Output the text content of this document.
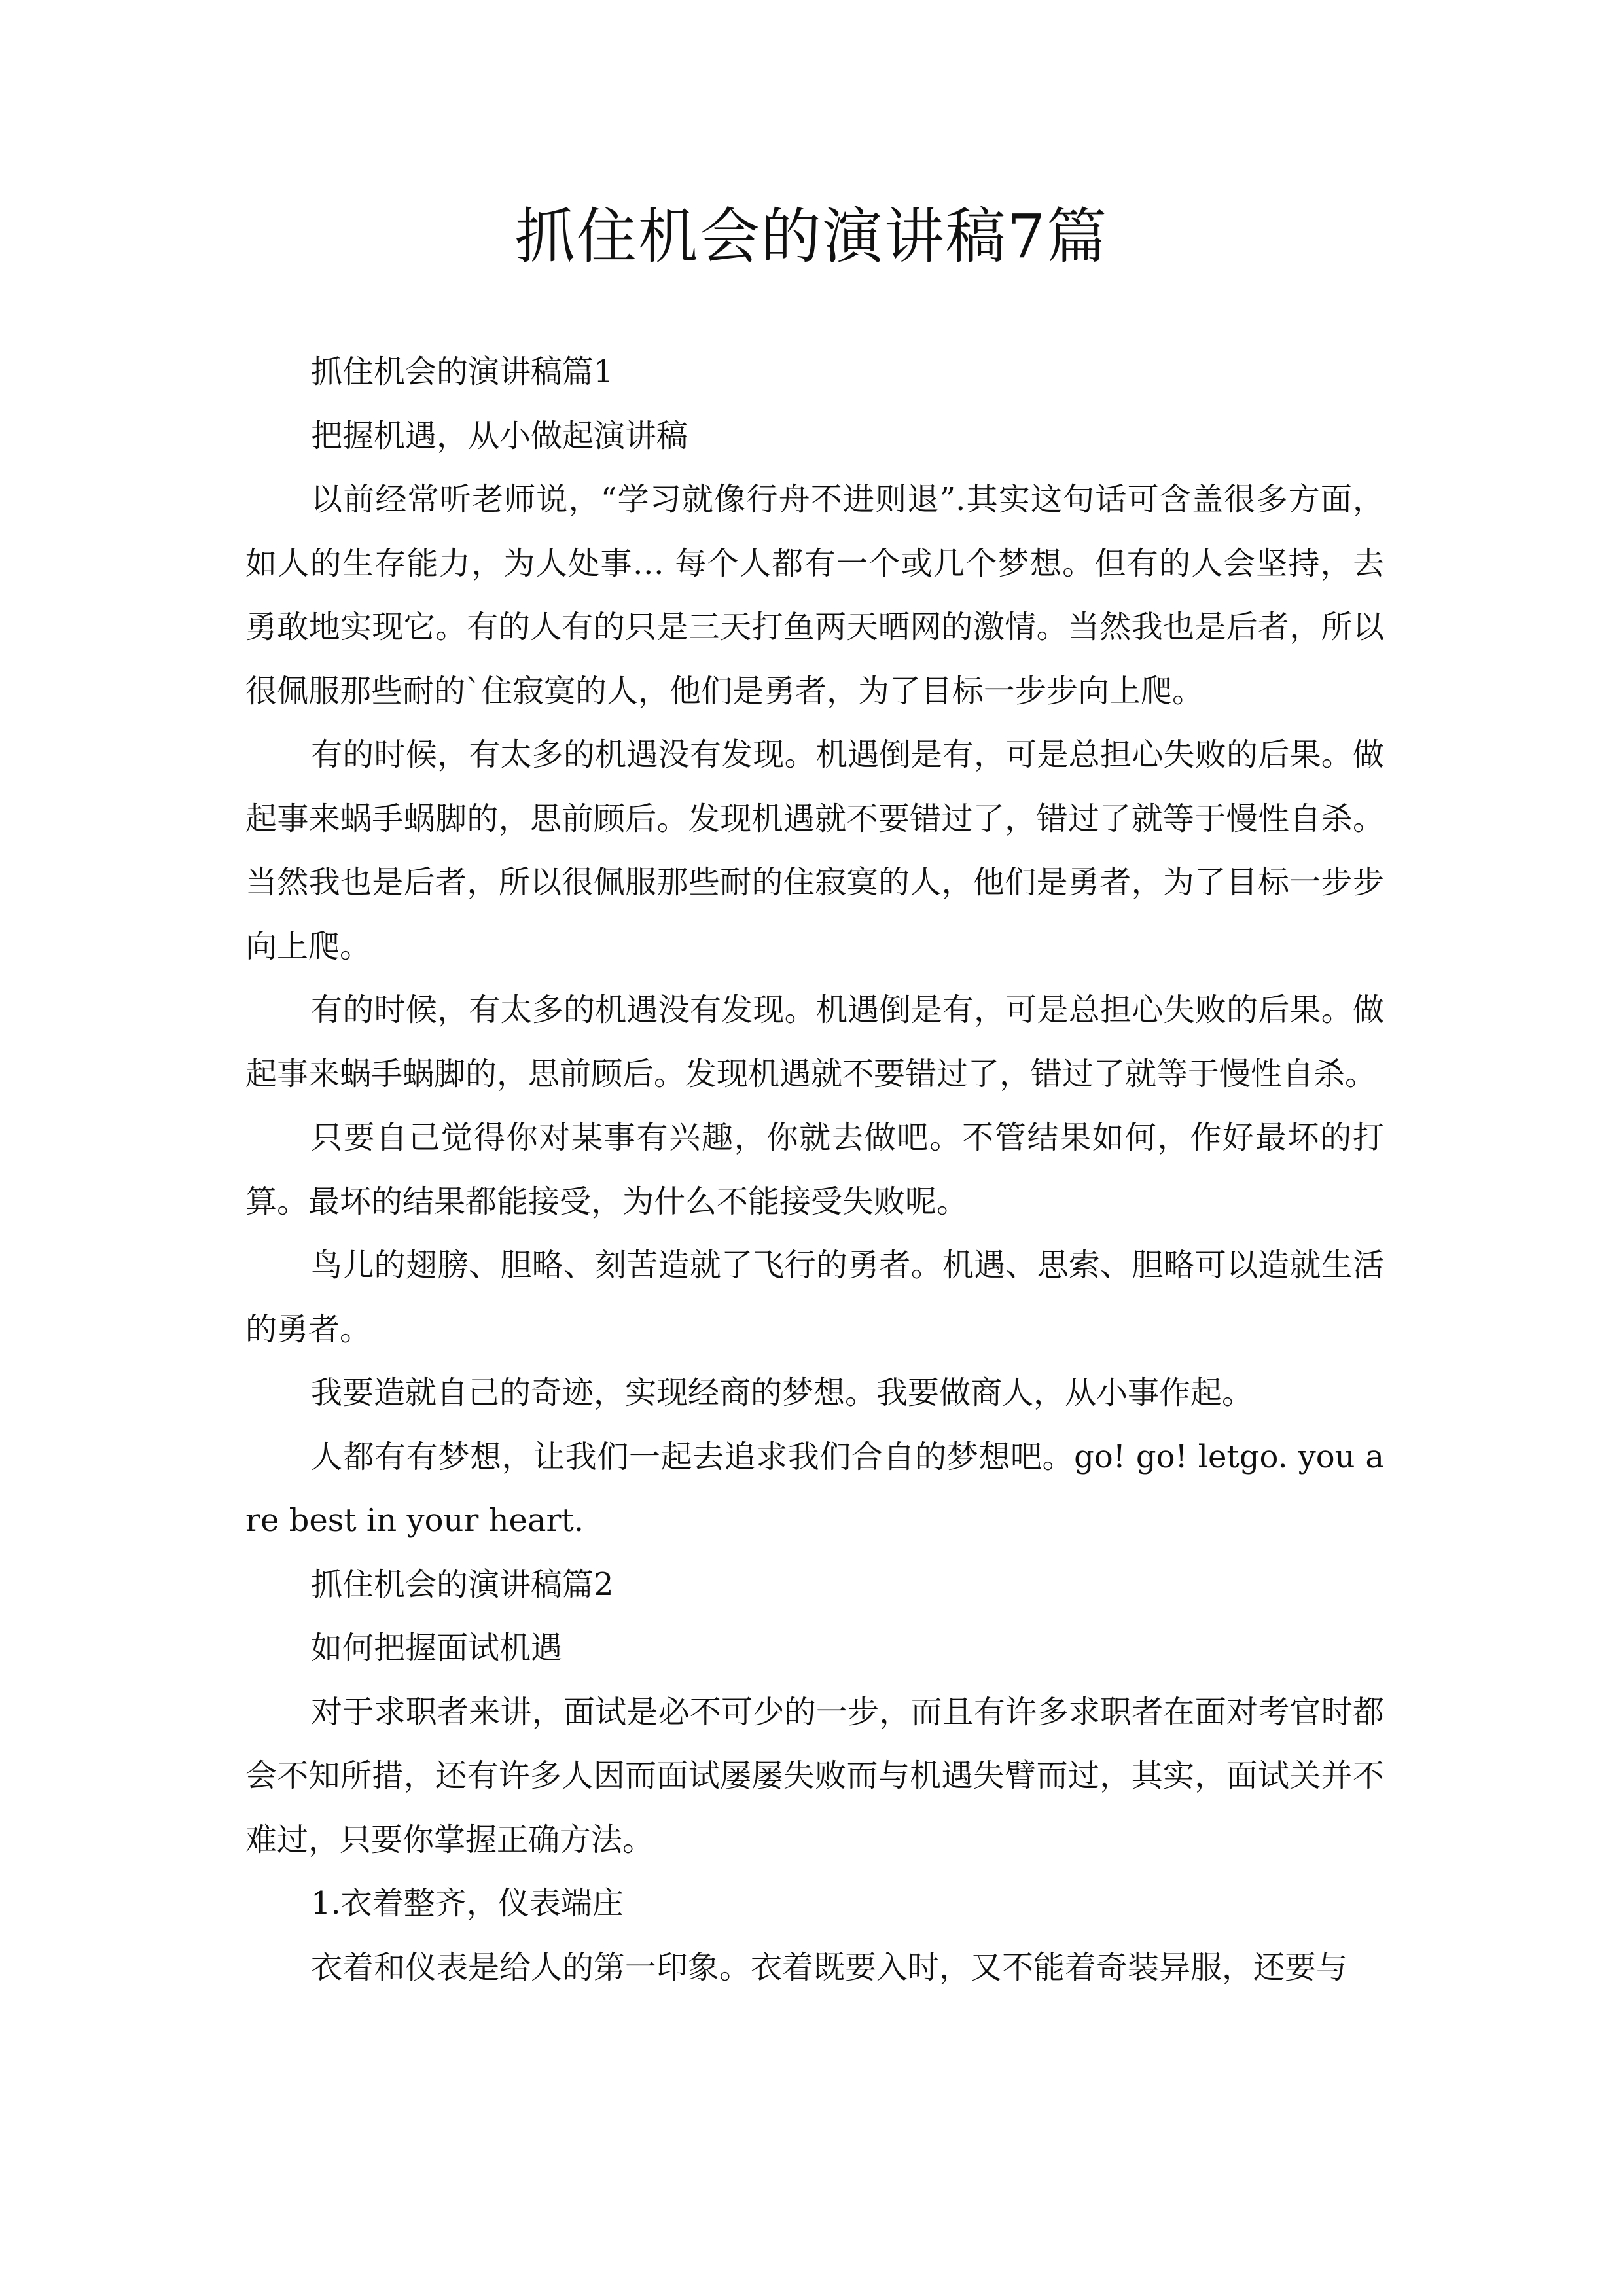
抓住机会的演讲稿7篇

抓住机会的演讲稿篇1

把握机遇，从小做起演讲稿

以前经常听老师说，“学习就像行舟不进则退”.其实这句话可含盖很多方面，如人的生存能力，为人处事… 每个人都有一个或几个梦想。但有的人会坚持，去勇敢地实现它。有的人有的只是三天打鱼两天晒网的激情。当然我也是后者，所以很佩服那些耐的`住寂寞的人，他们是勇者，为了目标一步步向上爬。

有的时候，有太多的机遇没有发现。机遇倒是有，可是总担心失败的后果。做起事来蜗手蜗脚的，思前顾后。发现机遇就不要错过了，错过了就等于慢性自杀。当然我也是后者，所以很佩服那些耐的住寂寞的人，他们是勇者，为了目标一步步向上爬。

有的时候，有太多的机遇没有发现。机遇倒是有，可是总担心失败的后果。做起事来蜗手蜗脚的，思前顾后。发现机遇就不要错过了，错过了就等于慢性自杀。

只要自己觉得你对某事有兴趣，你就去做吧。不管结果如何，作好最坏的打算。最坏的结果都能接受，为什么不能接受失败呢。

鸟儿的翅膀、胆略、刻苦造就了飞行的勇者。机遇、思索、胆略可以造就生活的勇者。

我要造就自己的奇迹，实现经商的梦想。我要做商人，从小事作起。

人都有有梦想，让我们一起去追求我们合自的梦想吧。go! go! letgo. you are best in your heart.

抓住机会的演讲稿篇2

如何把握面试机遇

对于求职者来讲，面试是必不可少的一步，而且有许多求职者在面对考官时都会不知所措，还有许多人因而面试屡屡失败而与机遇失臂而过，其实，面试关并不难过，只要你掌握正确方法。

1.衣着整齐，仪表端庄

衣着和仪表是给人的第一印象。衣着既要入时，又不能着奇装异服，还要与
